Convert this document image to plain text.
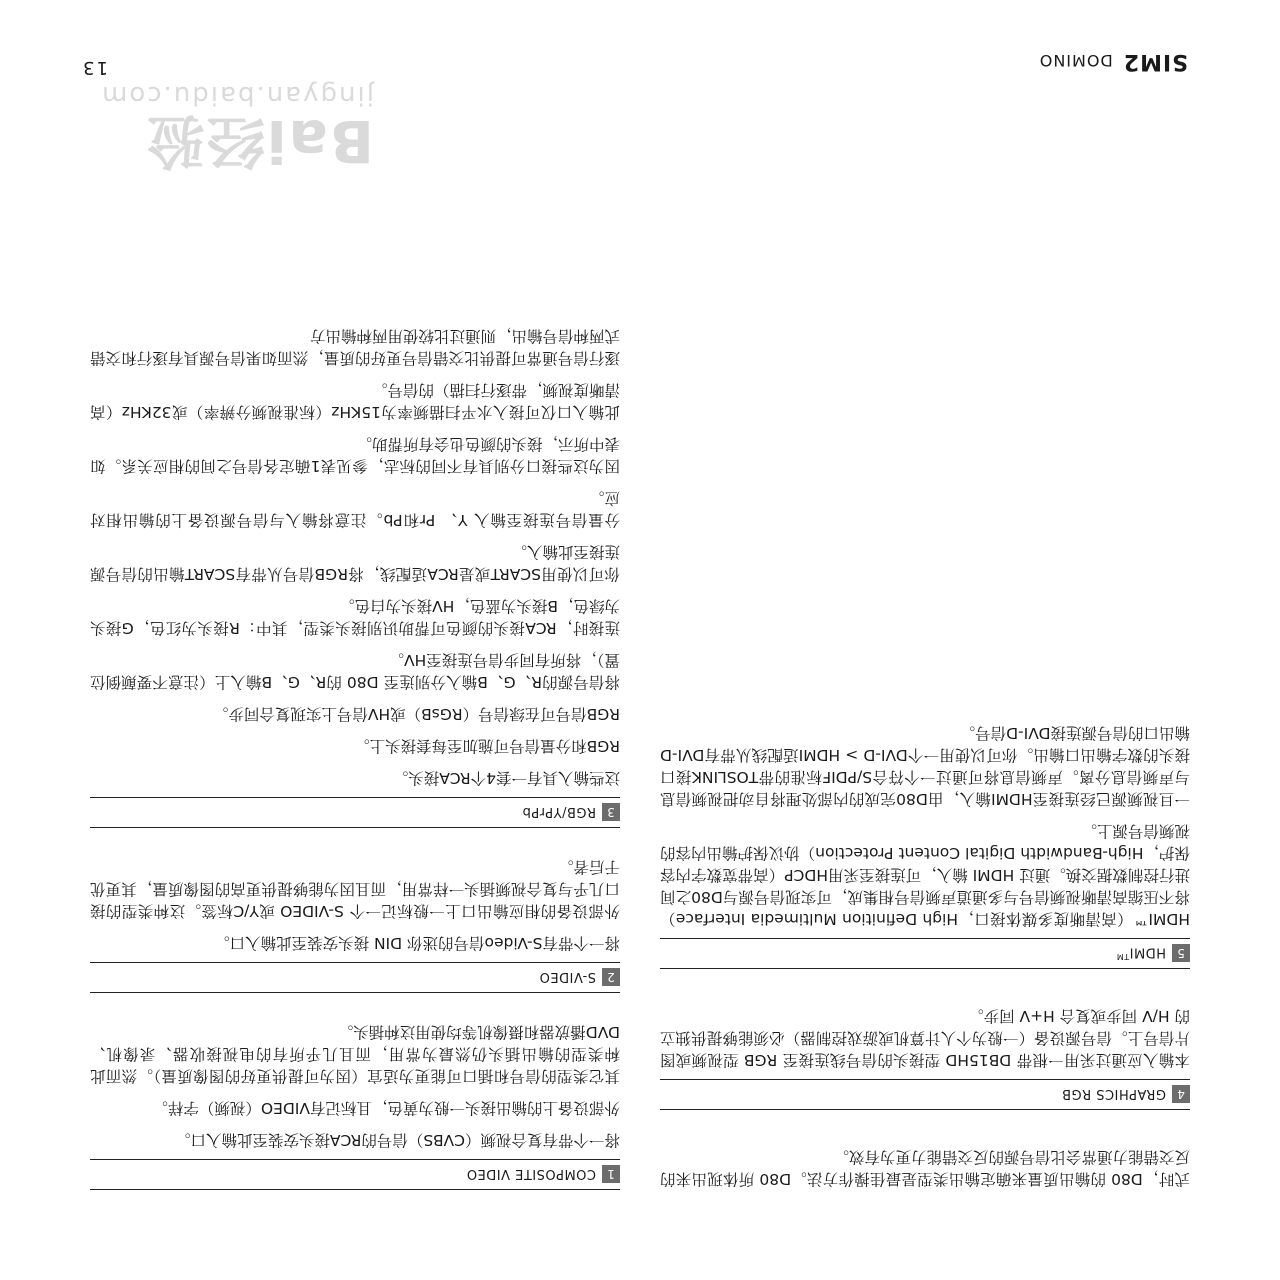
SIM2
DOMINO
13
1
COMPOSITE VIDEO

将一个带有复合视频（CVBS）信号的RCA接头安装至此输入口。

外部设备上的输出接头一般为黄色，且标记有VIDEO（视频）字样。

其它类型的信号和插口可能更为适宜（因为可提供更好的图像质量）。然而此种类型的输出插头仍然最为常用，而且几乎所有的电视接收器、录像机、DVD播放器和摄像机等均使用这种插头。

2
S-VIDEO

将一个带有S-Video信号的迷你 DIN 接头安装至此输入口。

外部设备的相应输出口上一般标记一个 S-VIDEO 或Y/C标签。这种类型的接口几乎与复合视频插头一样常用，而且因为能够提供更高的图像质量，其更优于后者。

3
RGB/YPrPb

这些输入具有一套4个RCA接头。

RGB和分量信号可施加至每套接头上。

RGB信号可在绿信号（RGsB）或HV信号上实现复合同步。

将信号源的R、G、B输入分别连至 D80 的R、G、B输入上（注意不要颠倒位置），将所有同步信号连接至HV。

连接时，RCA接头的颜色可帮助识别接头类型，其中：R接头为红色，G接头为绿色，B接头为蓝色，HV接头为白色。

你可以使用SCART或是RCA适配线，将RGB信号从带有SCART输出的信号源连接至此输入。

分量信号连接至输入 Y、 Pr和Pb。注意将输入与信号源设备上的输出相对应。

因为这些接口分别具有不同的标志，参见表1确定各信号之间的相应关系。如表中所示，接头的颜色也会有所帮助。

此输入口仅可接入水平扫描频率为15KHz（标准视频分辨率）或32KHz（高清晰度视频，带逐行扫描）的信号。

逐行信号通常可提供比交错信号更好的质量，然而如果信号源具有逐行和交错式两种信号输出，则通过比较使用两种输出方

式时，D80 的输出质量来确定输出类型是最佳操作方法。D80 所体现出来的反交错能力通常会比信号源的反交错能力更为有效。

4
GRAPHICS RGB

本输入应通过采用一根带 DB15HD 型接头的信号线连接至 RGB 型视频或图片信号上。信号源设备（一般为个人计算机或游戏控制器）必须能够提供独立的 H/V 同步或复合 H+V 同步。

5
HDMI™

HDMI™（高清晰度多媒体接口，High Definition Multimedia Interface）将不压缩高清晰视频信号与多通道声频信号相集成，可实现信号源与D80之间进行控制数据交换。通过 HDMI 输入，可连接至采用HDCP（高带宽数字内容保护，High-Bandwidth Digital Content Protection）协议保护输出内容的视频信号源上。

一旦视频源已经连接至HDMI输入，由D80完成的内部处理将自动把视频信息与声频信息分离。声频信息将可通过一个符合S/PDIF标准的带TOSLINK接口接头的数字输出口输出。你可以使用一个DVI-D > HDMI适配线从带有DVI-D输出口的信号源连接DVI-D信号。

Bai经验
jingyan.baidu.com
